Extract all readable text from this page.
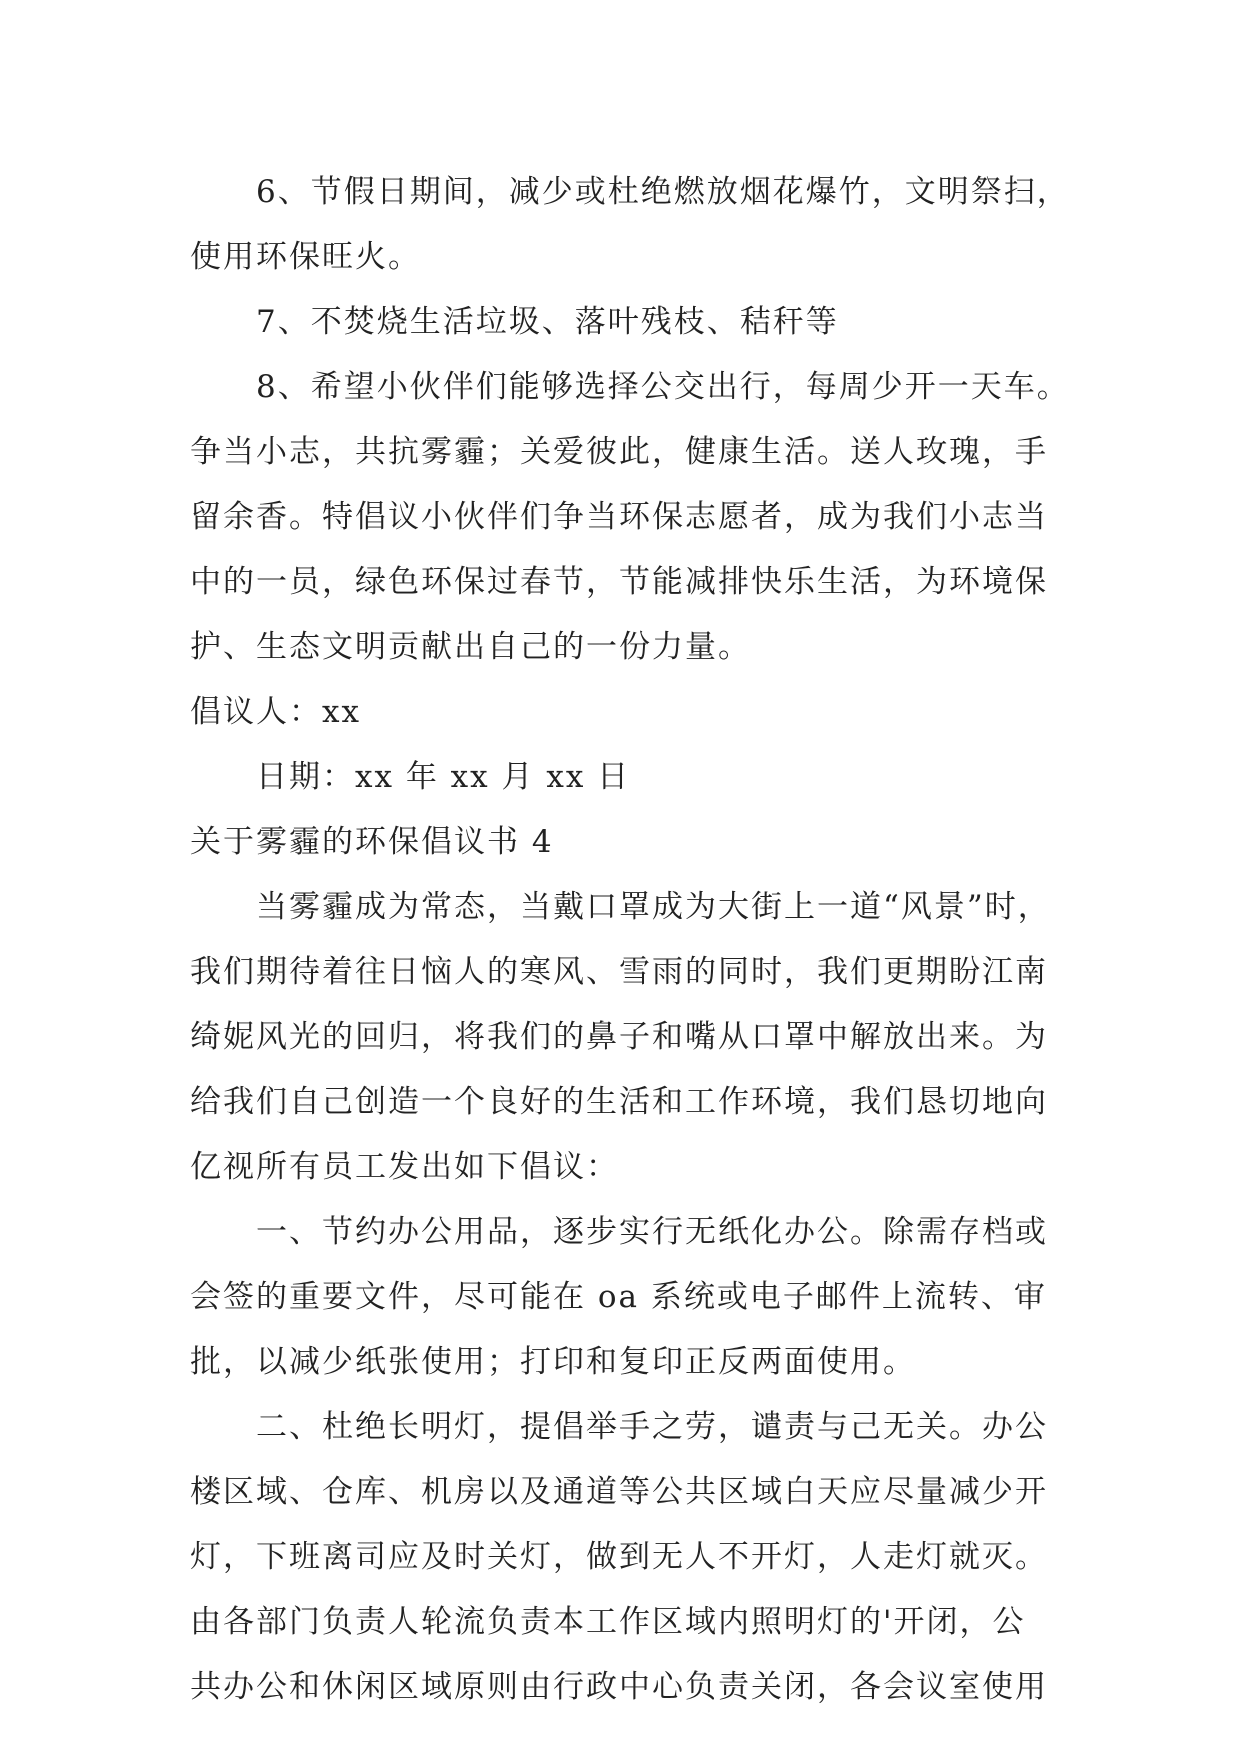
6、节假日期间，减少或杜绝燃放烟花爆竹，文明祭扫，
使用环保旺火。
7、不焚烧生活垃圾、落叶残枝、秸秆等
8、希望小伙伴们能够选择公交出行，每周少开一天车。
争当小志，共抗雾霾；关爱彼此，健康生活。送人玫瑰，手
留余香。特倡议小伙伴们争当环保志愿者，成为我们小志当
中的一员，绿色环保过春节，节能减排快乐生活，为环境保
护、生态文明贡献出自己的一份力量。
倡议人：xx
日期：xx 年 xx 月 xx 日
关于雾霾的环保倡议书 4
当雾霾成为常态，当戴口罩成为大街上一道“风景”时，
我们期待着往日恼人的寒风、雪雨的同时，我们更期盼江南
绮妮风光的回归，将我们的鼻子和嘴从口罩中解放出来。为
给我们自己创造一个良好的生活和工作环境，我们恳切地向
亿视所有员工发出如下倡议：
一、节约办公用品，逐步实行无纸化办公。除需存档或
会签的重要文件，尽可能在 oa 系统或电子邮件上流转、审
批，以减少纸张使用；打印和复印正反两面使用。
二、杜绝长明灯，提倡举手之劳，谴责与己无关。办公
楼区域、仓库、机房以及通道等公共区域白天应尽量减少开
灯，下班离司应及时关灯，做到无人不开灯，人走灯就灭。
由各部门负责人轮流负责本工作区域内照明灯的'开闭，公
共办公和休闲区域原则由行政中心负责关闭，各会议室使用
